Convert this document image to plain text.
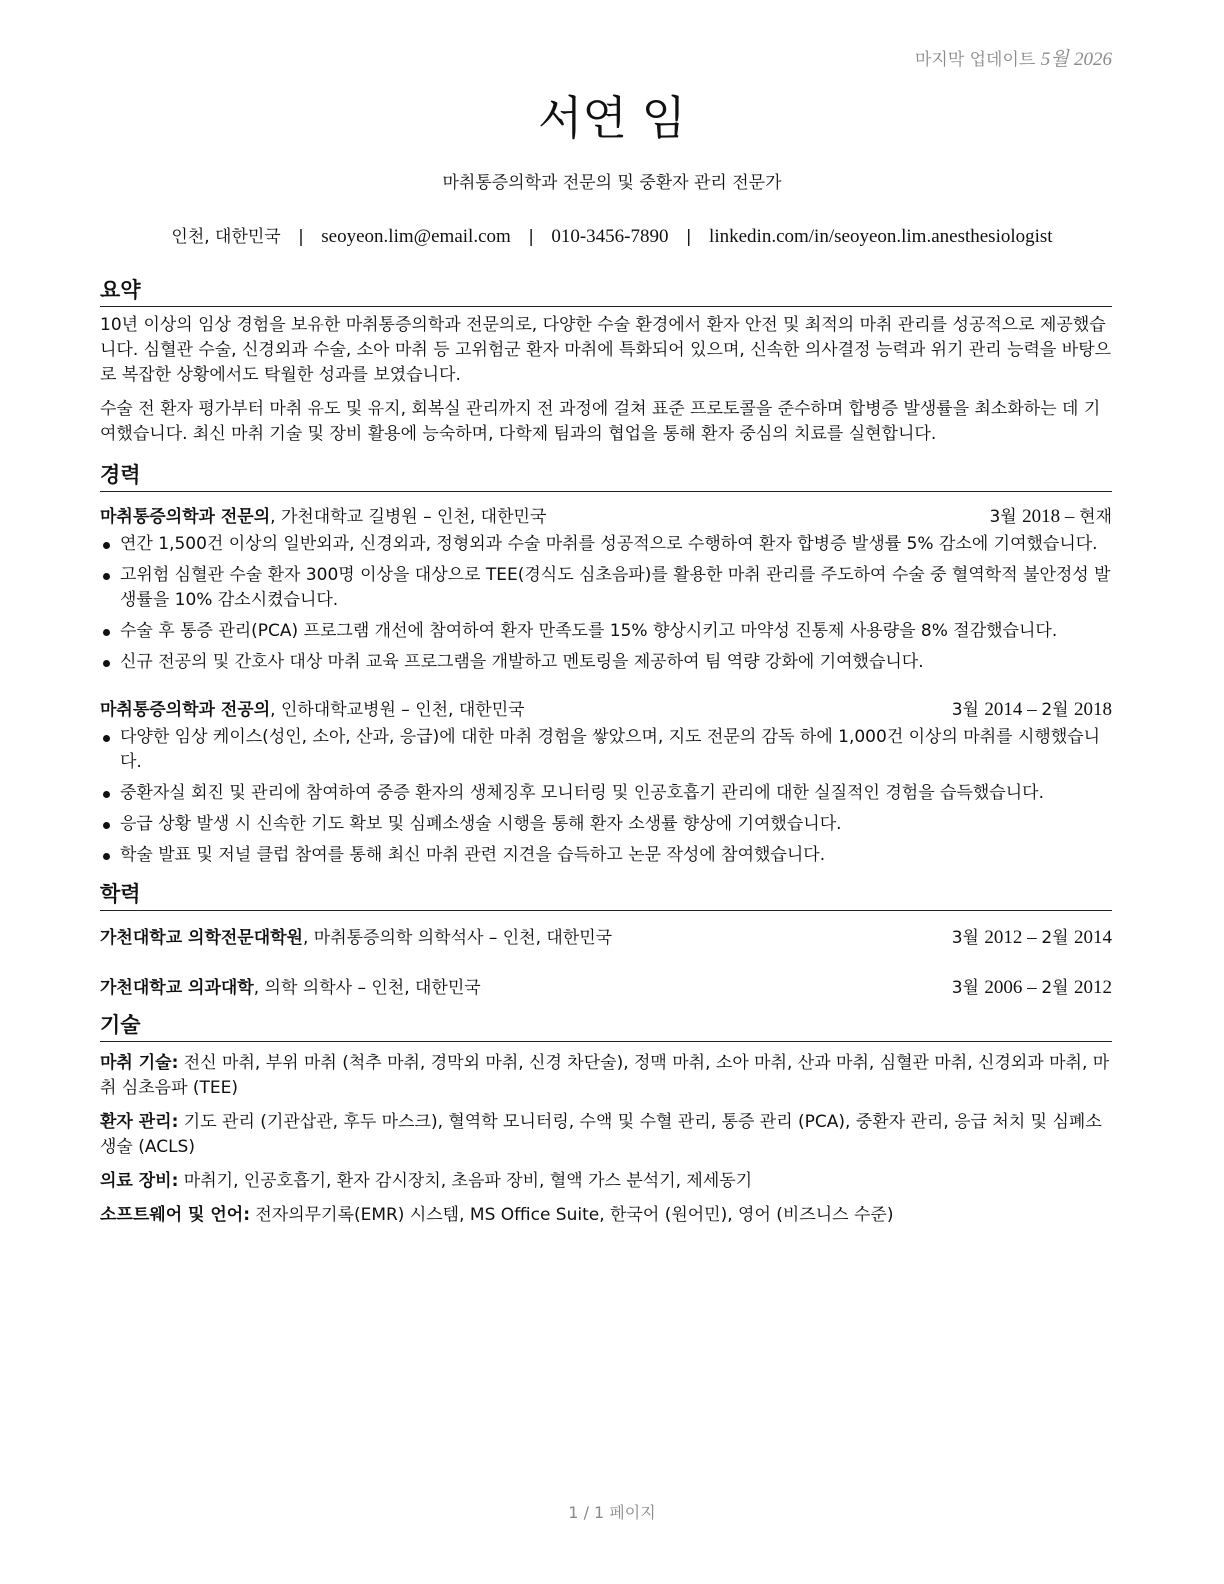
마지막 업데이트 5월 2026
서연 임
마취통증의학과 전문의 및 중환자 관리 전문가
인천, 대한민국 | seoyeon.lim@email.com | 010-3456-7890 | linkedin.com/in/seoyeon.lim.anesthesiologist
요약

10년 이상의 임상 경험을 보유한 마취통증의학과 전문의로, 다양한 수술 환경에서 환자 안전 및 최적의 마취 관리를 성공적으로 제공했습니다. 심혈관 수술, 신경외과 수술, 소아 마취 등 고위험군 환자 마취에 특화되어 있으며, 신속한 의사결정 능력과 위기 관리 능력을 바탕으로 복잡한 상황에서도 탁월한 성과를 보였습니다.

수술 전 환자 평가부터 마취 유도 및 유지, 회복실 관리까지 전 과정에 걸쳐 표준 프로토콜을 준수하며 합병증 발생률을 최소화하는 데 기여했습니다. 최신 마취 기술 및 장비 활용에 능숙하며, 다학제 팀과의 협업을 통해 환자 중심의 치료를 실현합니다.

경력
마취통증의학과 전문의, 가천대학교 길병원 – 인천, 대한민국	3월 2018 – 현재
연간 1,500건 이상의 일반외과, 신경외과, 정형외과 수술 마취를 성공적으로 수행하여 환자 합병증 발생률 5% 감소에 기여했습니다.
고위험 심혈관 수술 환자 300명 이상을 대상으로 TEE(경식도 심초음파)를 활용한 마취 관리를 주도하여 수술 중 혈역학적 불안정성 발생률을 10% 감소시켰습니다.
수술 후 통증 관리(PCA) 프로그램 개선에 참여하여 환자 만족도를 15% 향상시키고 마약성 진통제 사용량을 8% 절감했습니다.
신규 전공의 및 간호사 대상 마취 교육 프로그램을 개발하고 멘토링을 제공하여 팀 역량 강화에 기여했습니다.
마취통증의학과 전공의, 인하대학교병원 – 인천, 대한민국	3월 2014 – 2월 2018
다양한 임상 케이스(성인, 소아, 산과, 응급)에 대한 마취 경험을 쌓았으며, 지도 전문의 감독 하에 1,000건 이상의 마취를 시행했습니다.
중환자실 회진 및 관리에 참여하여 중증 환자의 생체징후 모니터링 및 인공호흡기 관리에 대한 실질적인 경험을 습득했습니다.
응급 상황 발생 시 신속한 기도 확보 및 심폐소생술 시행을 통해 환자 소생률 향상에 기여했습니다.
학술 발표 및 저널 클럽 참여를 통해 최신 마취 관련 지견을 습득하고 논문 작성에 참여했습니다.
학력
가천대학교 의학전문대학원, 마취통증의학 의학석사 – 인천, 대한민국	3월 2012 – 2월 2014
가천대학교 의과대학, 의학 의학사 – 인천, 대한민국	3월 2006 – 2월 2012
기술

마취 기술: 전신 마취, 부위 마취 (척추 마취, 경막외 마취, 신경 차단술), 정맥 마취, 소아 마취, 산과 마취, 심혈관 마취, 신경외과 마취, 마취 심초음파 (TEE)

환자 관리: 기도 관리 (기관삽관, 후두 마스크), 혈역학 모니터링, 수액 및 수혈 관리, 통증 관리 (PCA), 중환자 관리, 응급 처치 및 심폐소생술 (ACLS)

의료 장비: 마취기, 인공호흡기, 환자 감시장치, 초음파 장비, 혈액 가스 분석기, 제세동기

소프트웨어 및 언어: 전자의무기록(EMR) 시스템, MS Office Suite, 한국어 (원어민), 영어 (비즈니스 수준)

1 / 1 페이지
